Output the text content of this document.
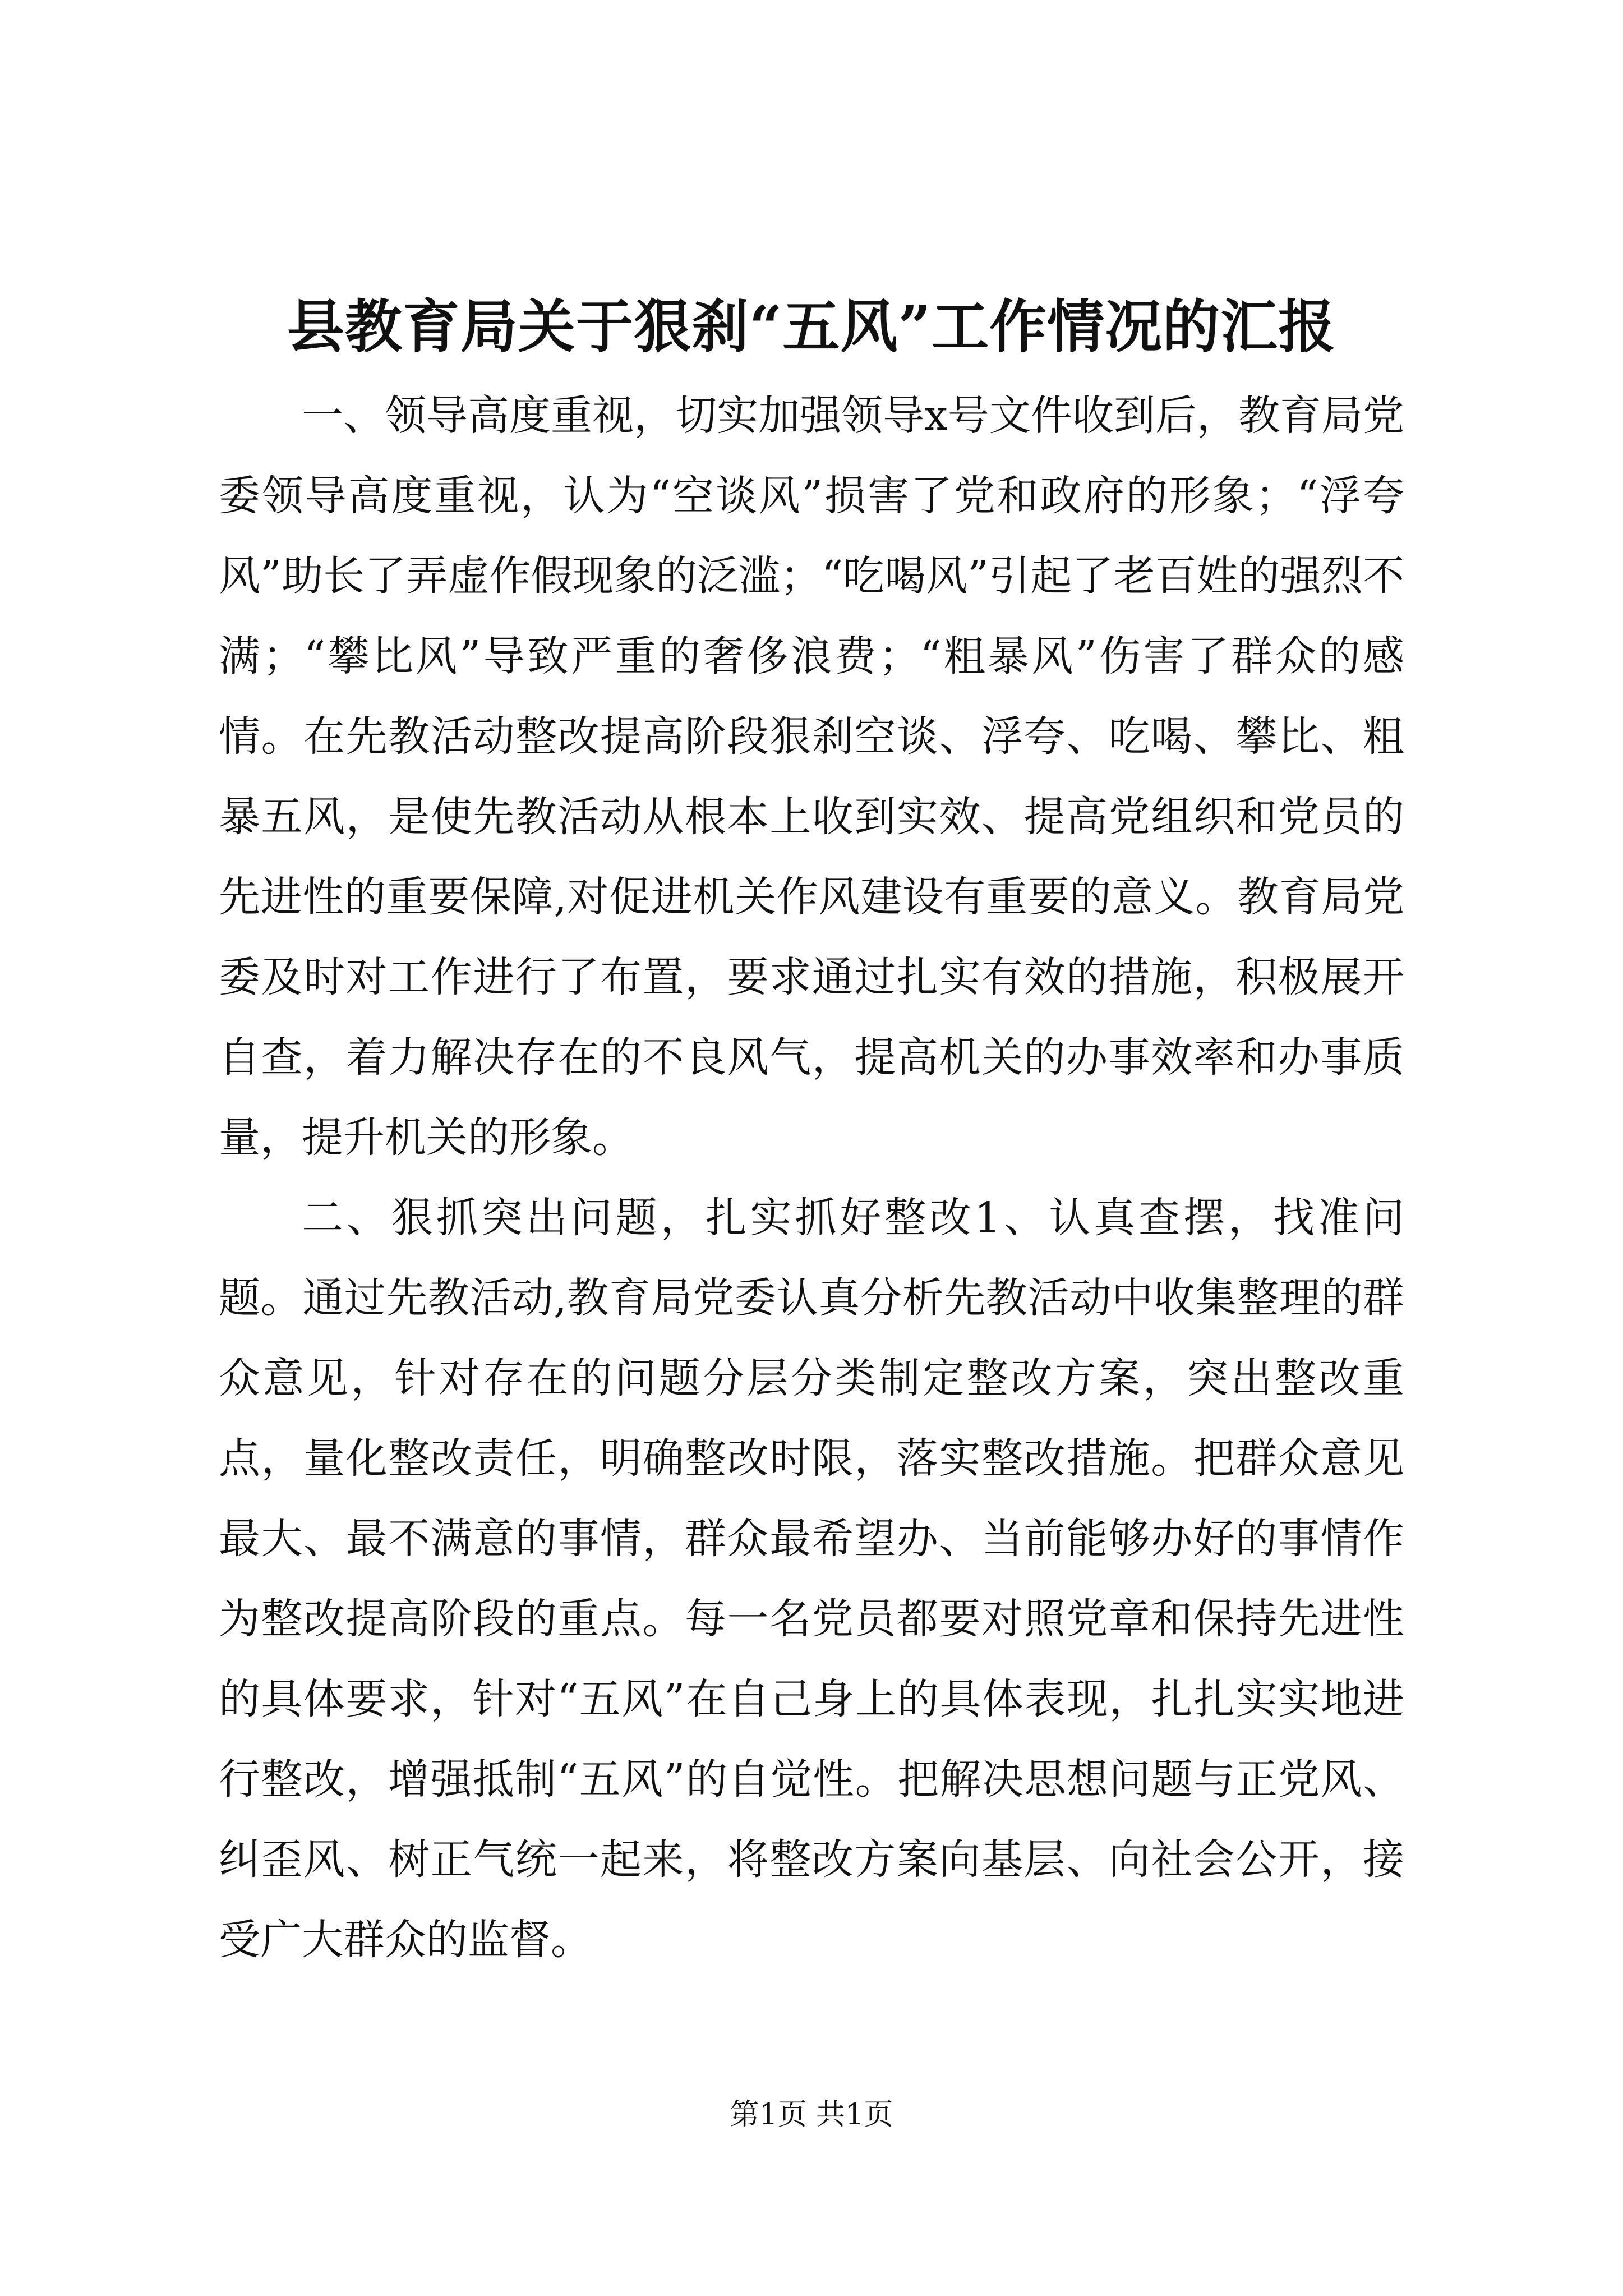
县教育局关于狠刹“五风”工作情况的汇报

一、领导高度重视，切实加强领导x号文件收到后，教育局党委领导高度重视，认为“空谈风”损害了党和政府的形象；“浮夸风”助长了弄虚作假现象的泛滥；“吃喝风”引起了老百姓的强烈不满；“攀比风”导致严重的奢侈浪费；“粗暴风”伤害了群众的感情。在先教活动整改提高阶段狠刹空谈、浮夸、吃喝、攀比、粗暴五风，是使先教活动从根本上收到实效、提高党组织和党员的先进性的重要保障,对促进机关作风建设有重要的意义。教育局党委及时对工作进行了布置，要求通过扎实有效的措施，积极展开自查，着力解决存在的不良风气，提高机关的办事效率和办事质量，提升机关的形象。

二、狠抓突出问题，扎实抓好整改1、认真查摆，找准问题。通过先教活动,教育局党委认真分析先教活动中收集整理的群众意见，针对存在的问题分层分类制定整改方案，突出整改重点，量化整改责任，明确整改时限，落实整改措施。把群众意见最大、最不满意的事情，群众最希望办、当前能够办好的事情作为整改提高阶段的重点。每一名党员都要对照党章和保持先进性的具体要求，针对“五风”在自己身上的具体表现，扎扎实实地进行整改，增强抵制“五风”的自觉性。把解决思想问题与正党风、纠歪风、树正气统一起来，将整改方案向基层、向社会公开，接受广大群众的监督。

第1页 共1页
